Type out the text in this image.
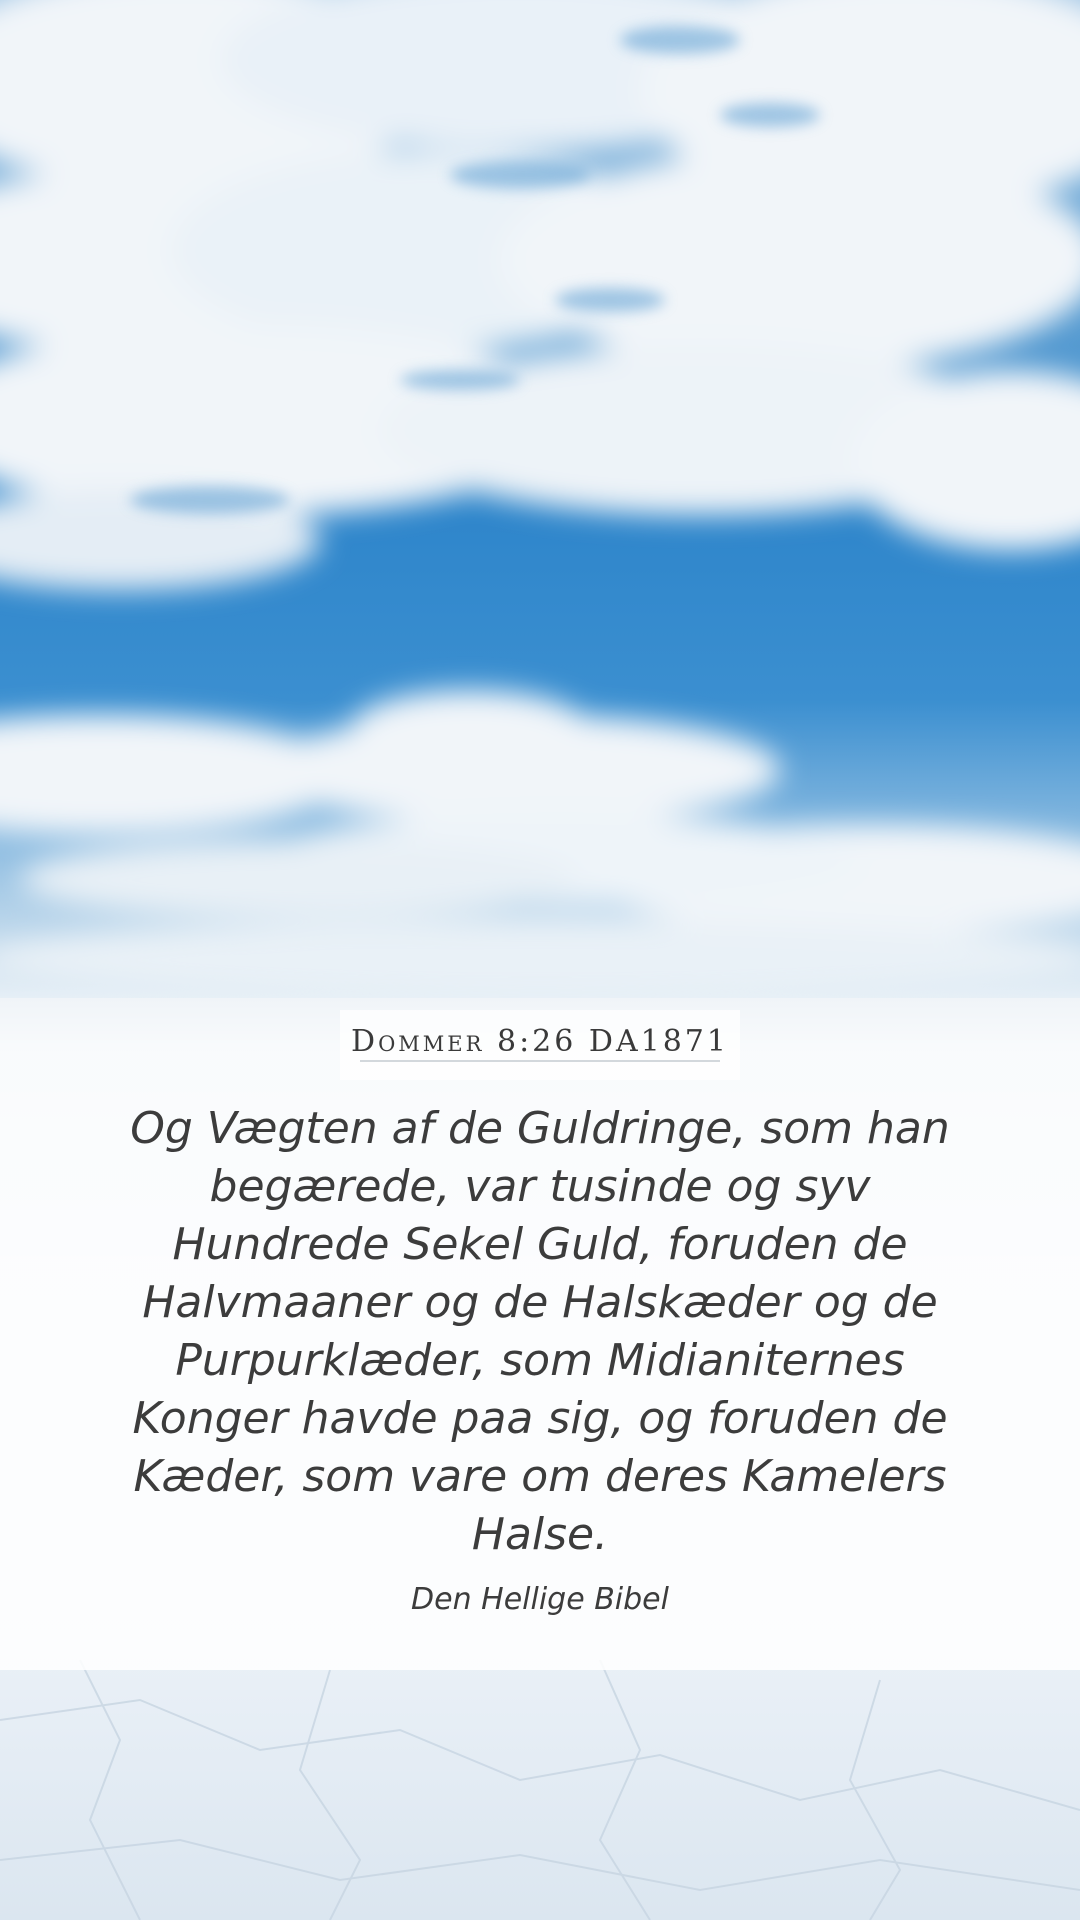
Dommer 8:26 DA1871

Og Vægten af de Guldringe, som han begærede, var tusinde og syv Hundrede Sekel Guld, foruden de Halvmaaner og de Halskæder og de Purpurklæder, som Midianiternes Konger havde paa sig, og foruden de Kæder, som vare om deres Kamelers Halse.

Den Hellige Bibel
